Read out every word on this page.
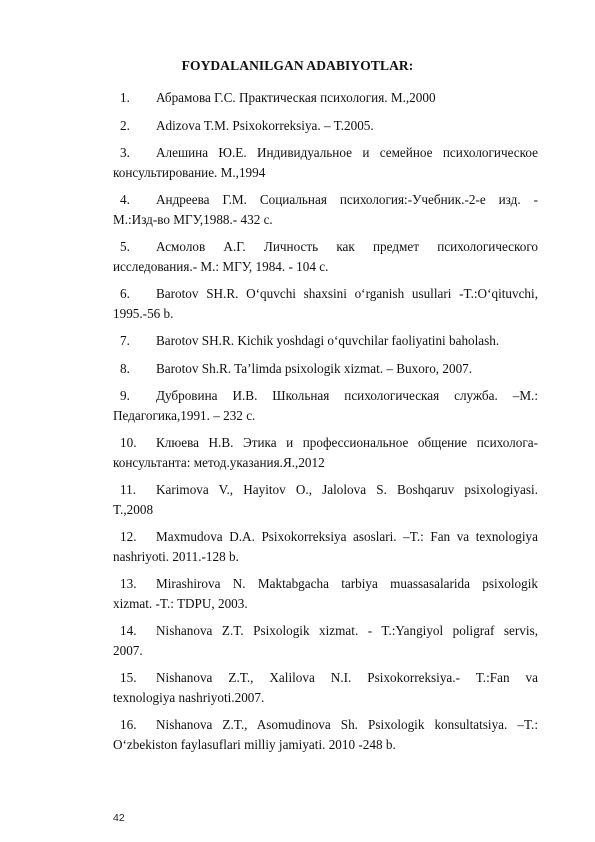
FOYDALANILGAN ADABIYOTLAR:
1. Абрамова Г.С. Практическая психология. М.,2000
2. Adizova T.M. Psixokorreksiya. – T.2005.
3. Алешина Ю.Е. Индивидуальное и семейное психологическое
консультирование. М.,1994
4. Андреева Г.М. Социальная психология:-Учебник.-2-е изд. -
М.:Изд-во МГУ,1988.- 432 с.
5. Асмолов А.Г. Личность как предмет психологического
исследования.- М.: МГУ, 1984. - 104 с.
6. Barotov SH.R. O‘quvchi shaxsini o‘rganish usullari -T.:O‘qituvchi,
1995.-56 b.
7. Barotov SH.R. Kichik yoshdagi o‘quvchilar faoliyatini baholash.
8. Barotov Sh.R. Ta’limda psixologik xizmat. – Buxoro, 2007.
9. Дубровина И.В. Школьная психологическая служба. –М.:
Педагогика,1991. – 232 с.
10. Клюева Н.В. Этика и профессиональное общение психолога-
консультанта: метод.указания.Я.,2012
11. Karimova V., Hayitov O., Jalolova S. Boshqaruv psixologiyasi.
T.,2008
12. Maxmudova D.A. Psixokorreksiya asoslari. –T.: Fan va texnologiya
nashriyoti. 2011.-128 b.
13. Mirashirova N. Maktabgacha tarbiya muassasalarida psixologik
xizmat. -T.: TDPU, 2003.
14. Nishanova Z.T. Psixologik xizmat. - T.:Yangiyol poligraf servis,
2007.
15. Nishanova Z.T., Xalilova N.I. Psixokorreksiya.- T.:Fan va
texnologiya nashriyoti.2007.
16. Nishanova Z.T., Asomudinova Sh. Psixologik konsultatsiya. –T.:
O‘zbekiston faylasuflari milliy jamiyati. 2010 -248 b.
42
